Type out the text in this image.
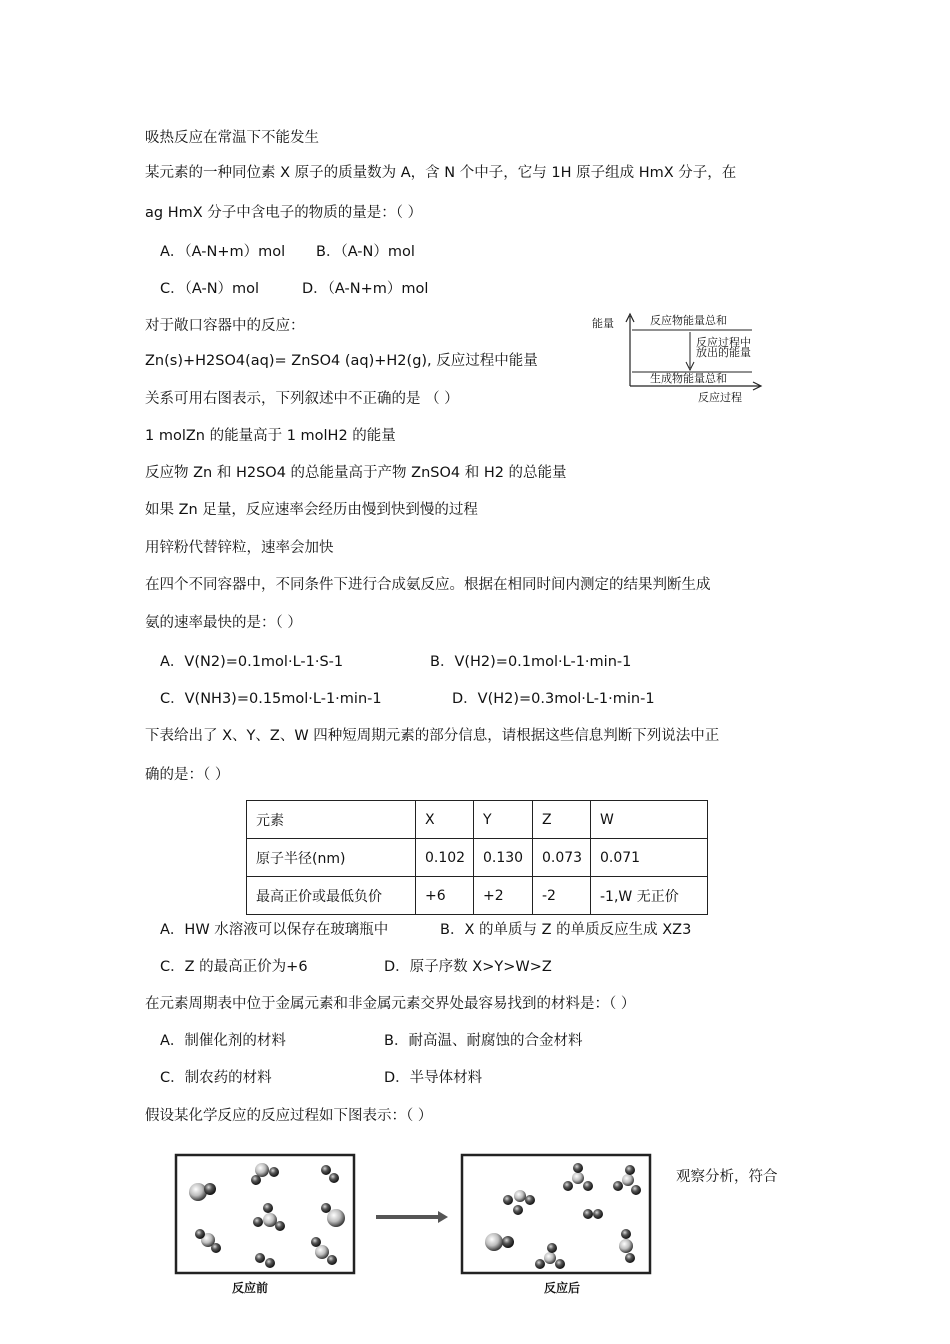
吸热反应在常温下不能发生
某元素的一种同位素 X 原子的质量数为 A，含 N 个中子，它与 1H 原子组成 HmX 分子，在
ag HmX 分子中含电子的物质的量是：（ ）
A．（A-N+m）mol B．（A-N）mol
C．（A-N）mol	D．（A-N+m）mol
对于敞口容器中的反应：
Zn(s)+H2SO4(aq)= ZnSO4 (aq)+H2(g), 反应过程中能量
关系可用右图表示，下列叙述中不正确的是 （ ）
1 molZn 的能量高于 1 molH2 的能量
反应物 Zn 和 H2SO4 的总能量高于产物 ZnSO4 和 H2 的总能量
如果 Zn 足量，反应速率会经历由慢到快到慢的过程
用锌粉代替锌粒，速率会加快
在四个不同容器中，不同条件下进行合成氨反应。根据在相同时间内测定的结果判断生成
氨的速率最快的是：（ ）
A．V(N2)=0.1mol·L-1·S-1	B．V(H2)=0.1mol·L-1·min-1
C．V(NH3)=0.15mol·L-1·min-1	D．V(H2)=0.3mol·L-1·min-1
下表给出了 X、Y、Z、W 四种短周期元素的部分信息，请根据这些信息判断下列说法中正
确的是：（ ）
元素	X	Y	Z	W
原子半径(nm)	0.102	0.130	0.073	0.071
最高正价或最低负价	+6	+2	-2	-1,W 无正价
A．HW 水溶液可以保存在玻璃瓶中	B．X 的单质与 Z 的单质反应生成 XZ3
C．Z 的最高正价为+6	D．原子序数 X>Y>W>Z
在元素周期表中位于金属元素和非金属元素交界处最容易找到的材料是：（ ）
A．制催化剂的材料	B．耐高温、耐腐蚀的合金材料
C．制农药的材料	D．半导体材料
假设某化学反应的反应过程如下图表示：（ ）
观察分析，符合
能量	反应物能量总和
反应过程中
放出的能量
生成物能量总和
反应过程
反应前	反应后
